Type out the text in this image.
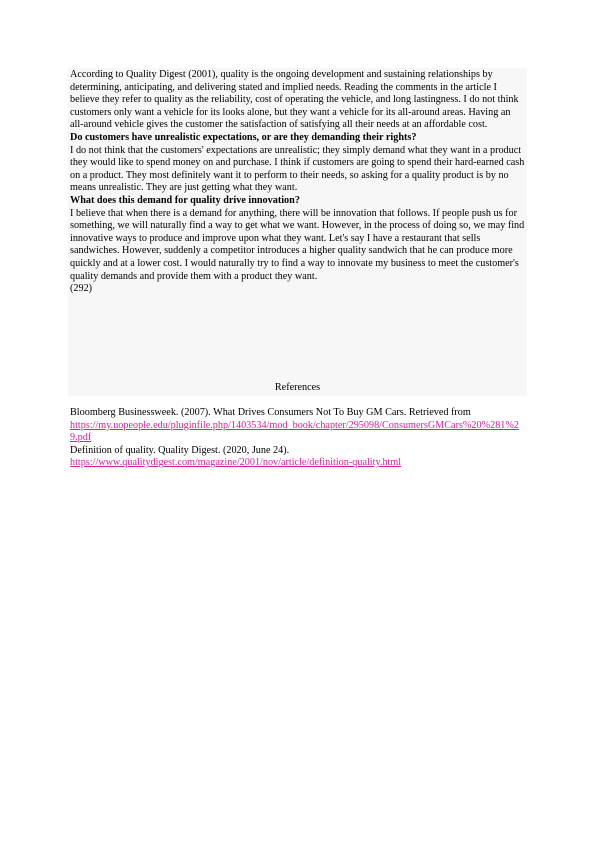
According to Quality Digest (2001), quality is the ongoing development and sustaining relationships by determining, anticipating, and delivering stated and implied needs. Reading the comments in the article I believe they refer to quality as the reliability, cost of operating the vehicle, and long lastingness. I do not think customers only want a vehicle for its looks alone, but they want a vehicle for its all-around areas. Having an all-around vehicle gives the customer the satisfaction of satisfying all their needs at an affordable cost.

Do customers have unrealistic expectations, or are they demanding their rights?

I do not think that the customers' expectations are unrealistic; they simply demand what they want in a product they would like to spend money on and purchase. I think if customers are going to spend their hard-earned cash on a product. They most definitely want it to perform to their needs, so asking for a quality product is by no means unrealistic. They are just getting what they want.

What does this demand for quality drive innovation?

I believe that when there is a demand for anything, there will be innovation that follows. If people push us for something, we will naturally find a way to get what we want. However, in the process of doing so, we may find innovative ways to produce and improve upon what they want. Let's say I have a restaurant that sells sandwiches. However, suddenly a competitor introduces a higher quality sandwich that he can produce more quickly and at a lower cost. I would naturally try to find a way to innovate my business to meet the customer's quality demands and provide them with a product they want.

(292)

References

Bloomberg Businessweek. (2007). What Drives Consumers Not To Buy GM Cars. Retrieved from

https://my.uopeople.edu/pluginfile.php/1403534/mod_book/chapter/295098/ConsumersGMCars%20%281%29.pdf

Definition of quality. Quality Digest. (2020, June 24).

https://www.qualitydigest.com/magazine/2001/nov/article/definition-quality.html
